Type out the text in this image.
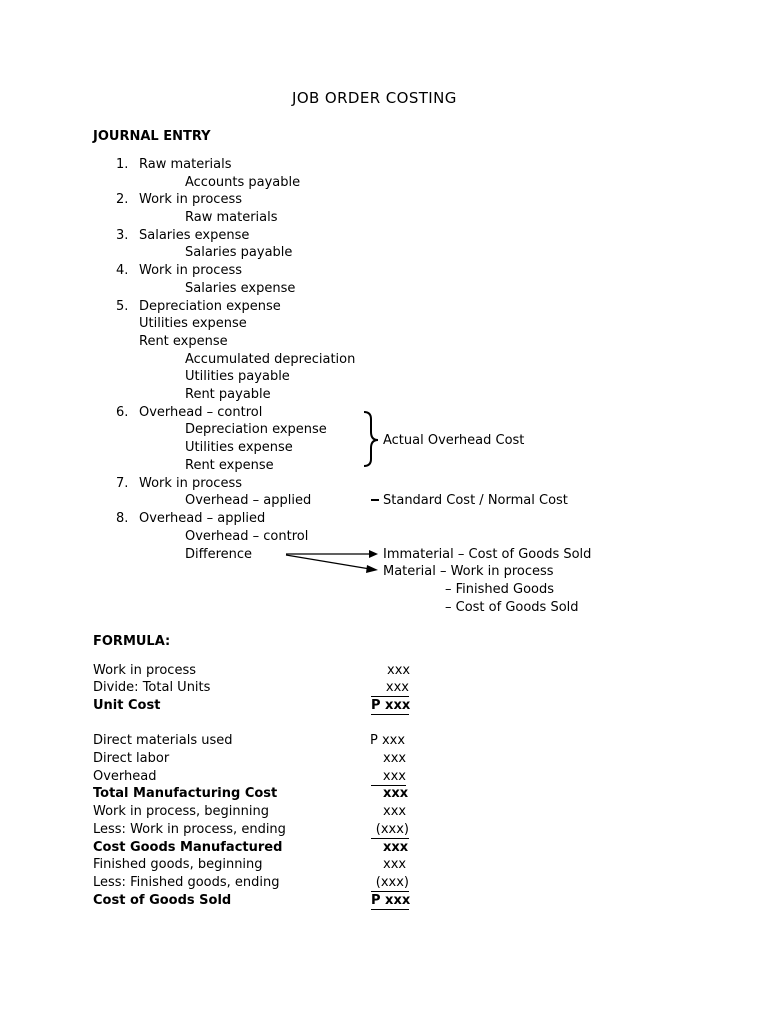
JOB ORDER COSTING
JOURNAL ENTRY
1. Raw materials
Accounts payable
2. Work in process
Raw materials
3. Salaries expense
Salaries payable
4. Work in process
Salaries expense
5. Depreciation expense
Utilities expense
Rent expense
Accumulated depreciation
Utilities payable
Rent payable
6. Overhead – control
Depreciation expense
Utilities expense
Rent expense
7. Work in process
Overhead – applied
8. Overhead – applied
Overhead – control
Difference
Actual Overhead Cost
Standard Cost / Normal Cost
Immaterial – Cost of Goods Sold
Material – Work in process
– Finished Goods
– Cost of Goods Sold
FORMULA:
Work in process	xxx
Divide: Total Units	xxx
Unit Cost	P xxx
Direct materials used	P xxx
Direct labor	xxx
Overhead	xxx
Total Manufacturing Cost	xxx
Work in process, beginning	xxx
Less: Work in process, ending	(xxx)
Cost Goods Manufactured	xxx
Finished goods, beginning	xxx
Less: Finished goods, ending	(xxx)
Cost of Goods Sold	P xxx
